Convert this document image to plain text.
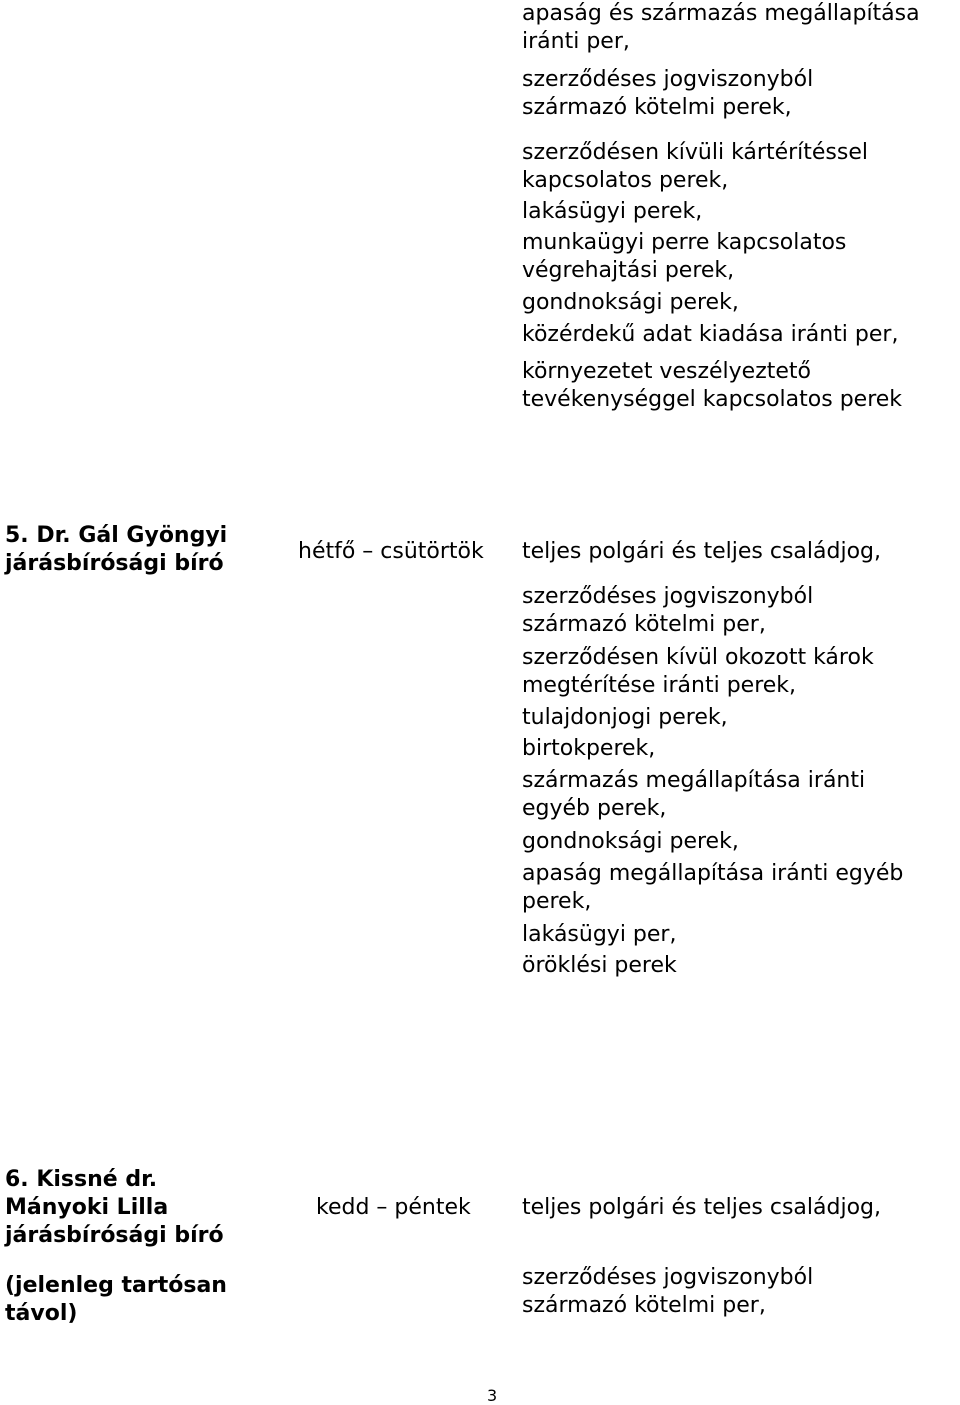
apaság és származás megállapítása
iránti per,
szerződéses jogviszonyból
származó kötelmi perek,
szerződésen kívüli kártérítéssel
kapcsolatos perek,
lakásügyi perek,
munkaügyi perre kapcsolatos
végrehajtási perek,
gondnoksági perek,
közérdekű adat kiadása iránti per,
környezetet veszélyeztető
tevékenységgel kapcsolatos perek
5. Dr. Gál Gyöngyi
járásbírósági bíró	hétfő – csütörtök teljes polgári és teljes családjog,
szerződéses jogviszonyból
származó kötelmi per,
szerződésen kívül okozott károk
megtérítése iránti perek,
tulajdonjogi perek,
birtokperek,
származás megállapítása iránti
egyéb perek,
gondnoksági perek,
apaság megállapítása iránti egyéb
perek,
lakásügyi per,
öröklési perek
6. Kissné dr.
Mányoki Lilla
járásbírósági bíró
(jelenleg tartósan
távol)
kedd – péntek teljes polgári és teljes családjog,
szerződéses jogviszonyból
származó kötelmi per,
3
